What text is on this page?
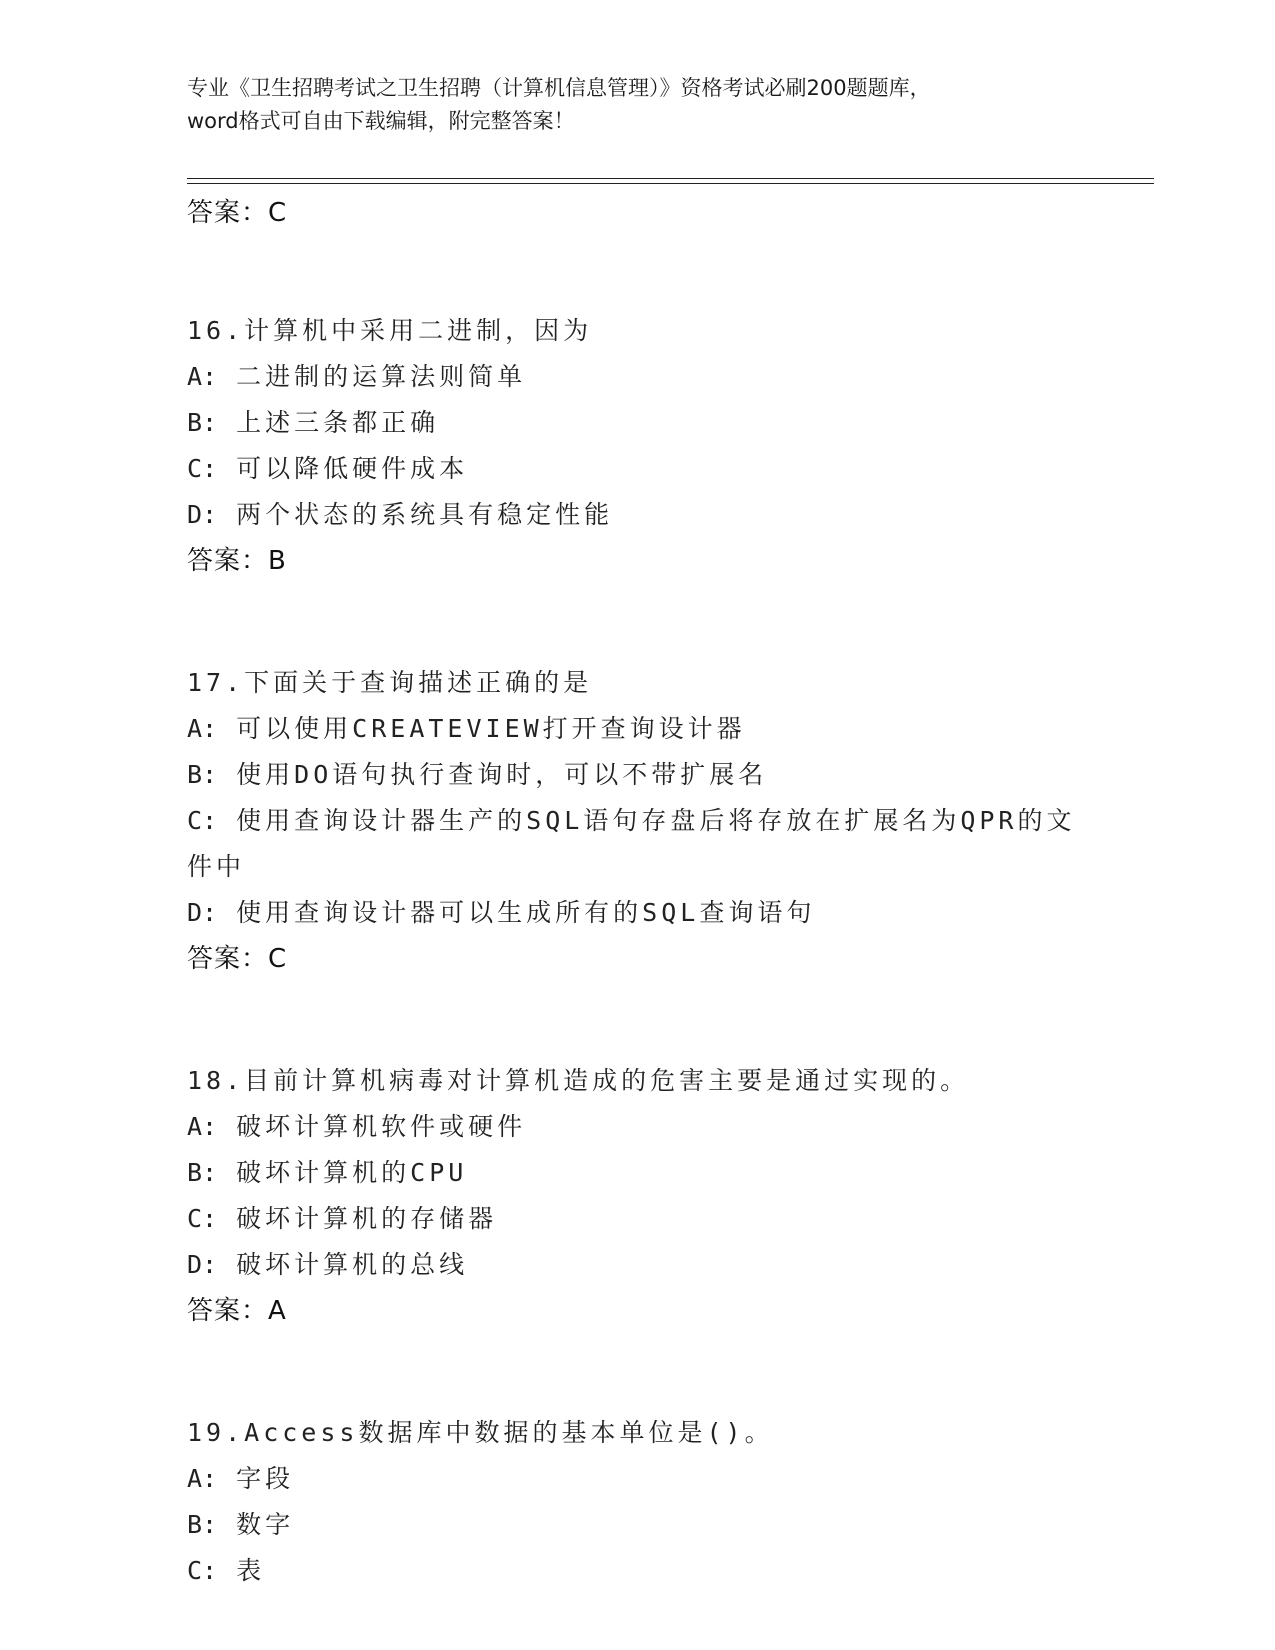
专业《卫生招聘考试之卫生招聘（计算机信息管理）》资格考试必刷200题题库，
word格式可自由下载编辑，附完整答案！
答案：C
16.计算机中采用二进制，因为
A: 二进制的运算法则简单
B: 上述三条都正确
C: 可以降低硬件成本
D: 两个状态的系统具有稳定性能
答案：B
17.下面关于查询描述正确的是
A: 可以使用CREATEVIEW打开查询设计器
B: 使用DO语句执行查询时，可以不带扩展名
C: 使用查询设计器生产的SQL语句存盘后将存放在扩展名为QPR的文件中
D: 使用查询设计器可以生成所有的SQL查询语句
答案：C
18.目前计算机病毒对计算机造成的危害主要是通过实现的。
A: 破坏计算机软件或硬件
B: 破坏计算机的CPU
C: 破坏计算机的存储器
D: 破坏计算机的总线
答案：A
19.Access数据库中数据的基本单位是()。
A: 字段
B: 数字
C: 表
